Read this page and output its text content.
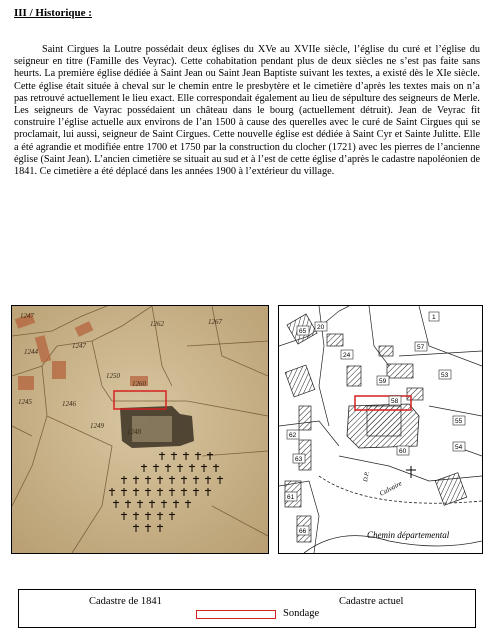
III / Historique :

Saint Cirgues la Loutre possédait deux églises du XVe au XVIIe siècle, l’église du curé et l’église du seigneur en titre (Famille des Veyrac). Cette cohabitation pendant plus de deux siècles ne s’est pas faite sans heurts. La première église dédiée à Saint Jean ou Saint Jean Baptiste suivant les textes, a existé dès le XIe siècle. Cette église était située à cheval sur le chemin entre le presbytère et le cimetière d’après les textes mais on n’a pas retrouvé actuellement le lieu exact. Elle correspondait également au lieu de sépulture des seigneurs de Merle. Les seigneurs de Vayrac possédaient un château dans le bourg (actuellement détruit). Jean de Veyrac fit construire l’église actuelle aux environs de l’an 1500 à cause des querelles avec le curé de Saint Cirgues qui se proclamait, lui aussi, seigneur de Saint Cirgues. Cette nouvelle église est dédiée à Saint Cyr et Sainte Julitte. Elle a été agrandie et modifiée entre 1700 et 1750 par la construction du clocher (1721) avec les pierres de l’ancienne église (Saint Jean). L’ancien cimetière se situait au sud et à l’est de cette église d’après le cadastre napoléonien de 1841. Ce cimetière a été déplacé dans les années 1900 à l’extérieur du village.

1247
1248
1249
1250
1267
1262
1244
1245	1246
1247
1260
65
59
57
1
58
20
24
63
62
60
55
54
53
61
66
Calvaire
D.P.
Chemin départemental
Cadastre de 1841	Cadastre actuel
Sondage
